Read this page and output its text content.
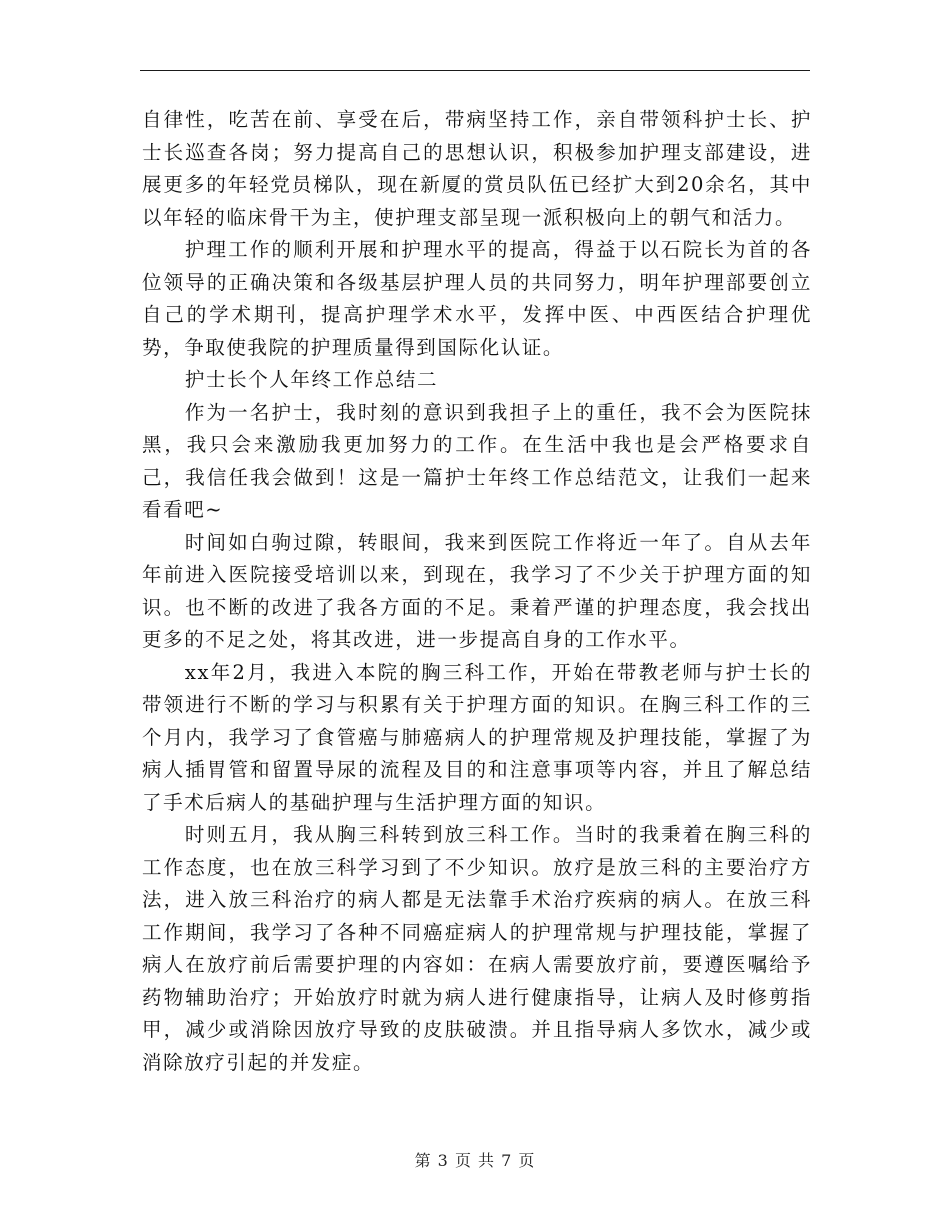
自律性，吃苦在前、享受在后，带病坚持工作，亲自带领科护士长、护士长巡查各岗；努力提高自己的思想认识，积极参加护理支部建设，进展更多的年轻党员梯队，现在新厦的赏员队伍已经扩大到20余名，其中以年轻的临床骨干为主，使护理支部呈现一派积极向上的朝气和活力。

护理工作的顺利开展和护理水平的提高，得益于以石院长为首的各位领导的正确决策和各级基层护理人员的共同努力，明年护理部要创立自己的学术期刊，提高护理学术水平，发挥中医、中西医结合护理优势，争取使我院的护理质量得到国际化认证。

护士长个人年终工作总结二

作为一名护士，我时刻的意识到我担子上的重任，我不会为医院抹黑，我只会来激励我更加努力的工作。在生活中我也是会严格要求自己，我信任我会做到！这是一篇护士年终工作总结范文，让我们一起来看看吧~

时间如白驹过隙，转眼间，我来到医院工作将近一年了。自从去年年前进入医院接受培训以来，到现在，我学习了不少关于护理方面的知识。也不断的改进了我各方面的不足。秉着严谨的护理态度，我会找出更多的不足之处，将其改进，进一步提高自身的工作水平。

xx年2月，我进入本院的胸三科工作，开始在带教老师与护士长的带领进行不断的学习与积累有关于护理方面的知识。在胸三科工作的三个月内，我学习了食管癌与肺癌病人的护理常规及护理技能，掌握了为病人插胃管和留置导尿的流程及目的和注意事项等内容，并且了解总结了手术后病人的基础护理与生活护理方面的知识。

时则五月，我从胸三科转到放三科工作。当时的我秉着在胸三科的工作态度，也在放三科学习到了不少知识。放疗是放三科的主要治疗方法，进入放三科治疗的病人都是无法靠手术治疗疾病的病人。在放三科工作期间，我学习了各种不同癌症病人的护理常规与护理技能，掌握了病人在放疗前后需要护理的内容如：在病人需要放疗前，要遵医嘱给予药物辅助治疗；开始放疗时就为病人进行健康指导，让病人及时修剪指甲，减少或消除因放疗导致的皮肤破溃。并且指导病人多饮水，减少或消除放疗引起的并发症。

第 3 页 共 7 页
